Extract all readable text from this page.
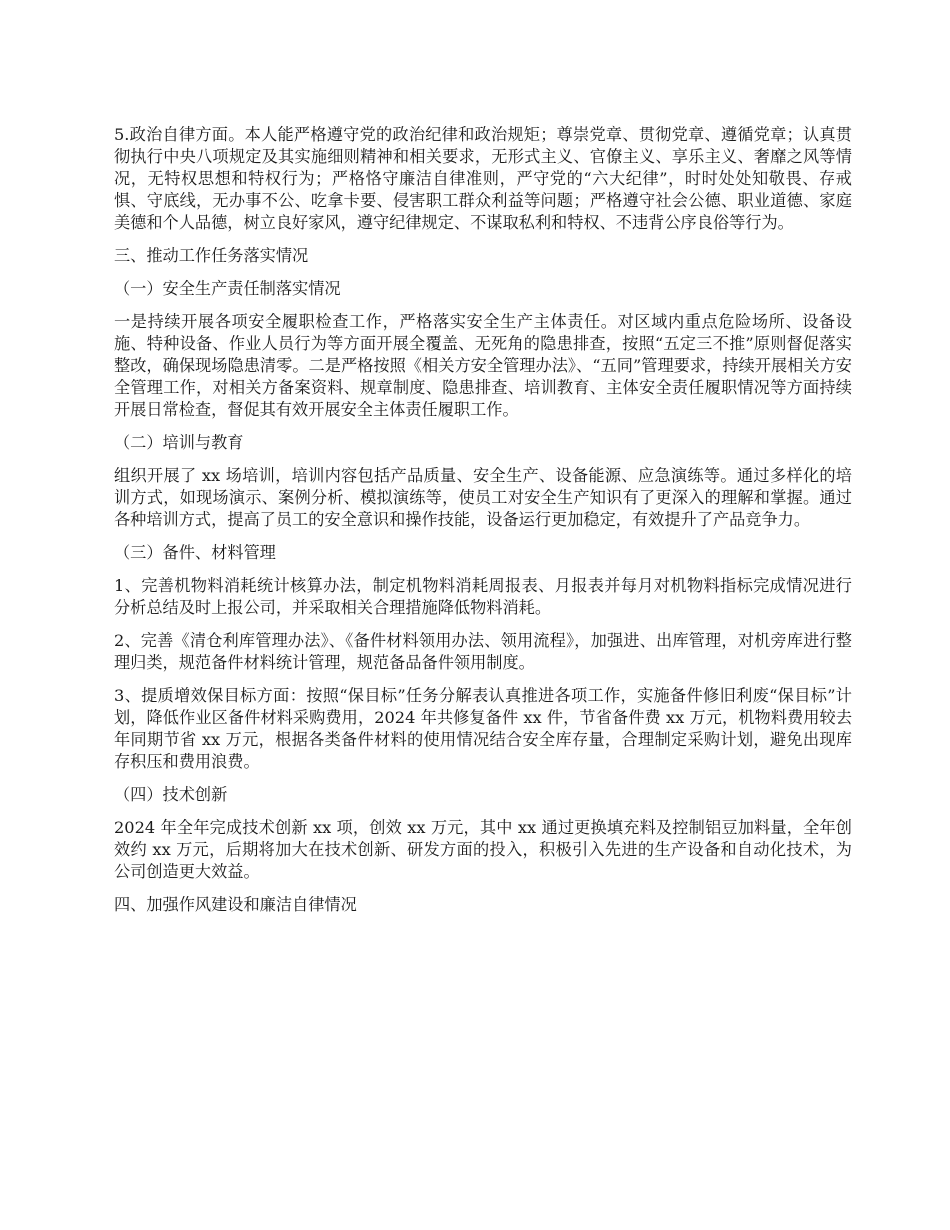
5.政治自律方面。本人能严格遵守党的政治纪律和政治规矩；尊崇党章、贯彻党章、遵循党章；认真贯彻执行中央八项规定及其实施细则精神和相关要求，无形式主义、官僚主义、享乐主义、奢靡之风等情况，无特权思想和特权行为；严格恪守廉洁自律准则，严守党的“六大纪律”，时时处处知敬畏、存戒惧、守底线，无办事不公、吃拿卡要、侵害职工群众利益等问题；严格遵守社会公德、职业道德、家庭美德和个人品德，树立良好家风，遵守纪律规定、不谋取私利和特权、不违背公序良俗等行为。

三、推动工作任务落实情况

（一）安全生产责任制落实情况

一是持续开展各项安全履职检查工作，严格落实安全生产主体责任。对区域内重点危险场所、设备设施、特种设备、作业人员行为等方面开展全覆盖、无死角的隐患排查，按照“五定三不推”原则督促落实整改，确保现场隐患清零。二是严格按照《相关方安全管理办法》、“五同”管理要求，持续开展相关方安全管理工作，对相关方备案资料、规章制度、隐患排查、培训教育、主体安全责任履职情况等方面持续开展日常检查，督促其有效开展安全主体责任履职工作。

（二）培训与教育

组织开展了 xx 场培训，培训内容包括产品质量、安全生产、设备能源、应急演练等。通过多样化的培训方式，如现场演示、案例分析、模拟演练等，使员工对安全生产知识有了更深入的理解和掌握。通过各种培训方式，提高了员工的安全意识和操作技能，设备运行更加稳定，有效提升了产品竞争力。

（三）备件、材料管理

1、完善机物料消耗统计核算办法，制定机物料消耗周报表、月报表并每月对机物料指标完成情况进行分析总结及时上报公司，并采取相关合理措施降低物料消耗。

2、完善《清仓利库管理办法》、《备件材料领用办法、领用流程》，加强进、出库管理，对机旁库进行整理归类，规范备件材料统计管理，规范备品备件领用制度。

3、提质增效保目标方面：按照“保目标”任务分解表认真推进各项工作，实施备件修旧利废“保目标”计划，降低作业区备件材料采购费用，2024 年共修复备件 xx 件，节省备件费 xx 万元，机物料费用较去年同期节省 xx 万元，根据各类备件材料的使用情况结合安全库存量，合理制定采购计划，避免出现库存积压和费用浪费。

（四）技术创新

2024 年全年完成技术创新 xx 项，创效 xx 万元，其中 xx 通过更换填充料及控制铝豆加料量，全年创效约 xx 万元，后期将加大在技术创新、研发方面的投入，积极引入先进的生产设备和自动化技术，为公司创造更大效益。

四、加强作风建设和廉洁自律情况
